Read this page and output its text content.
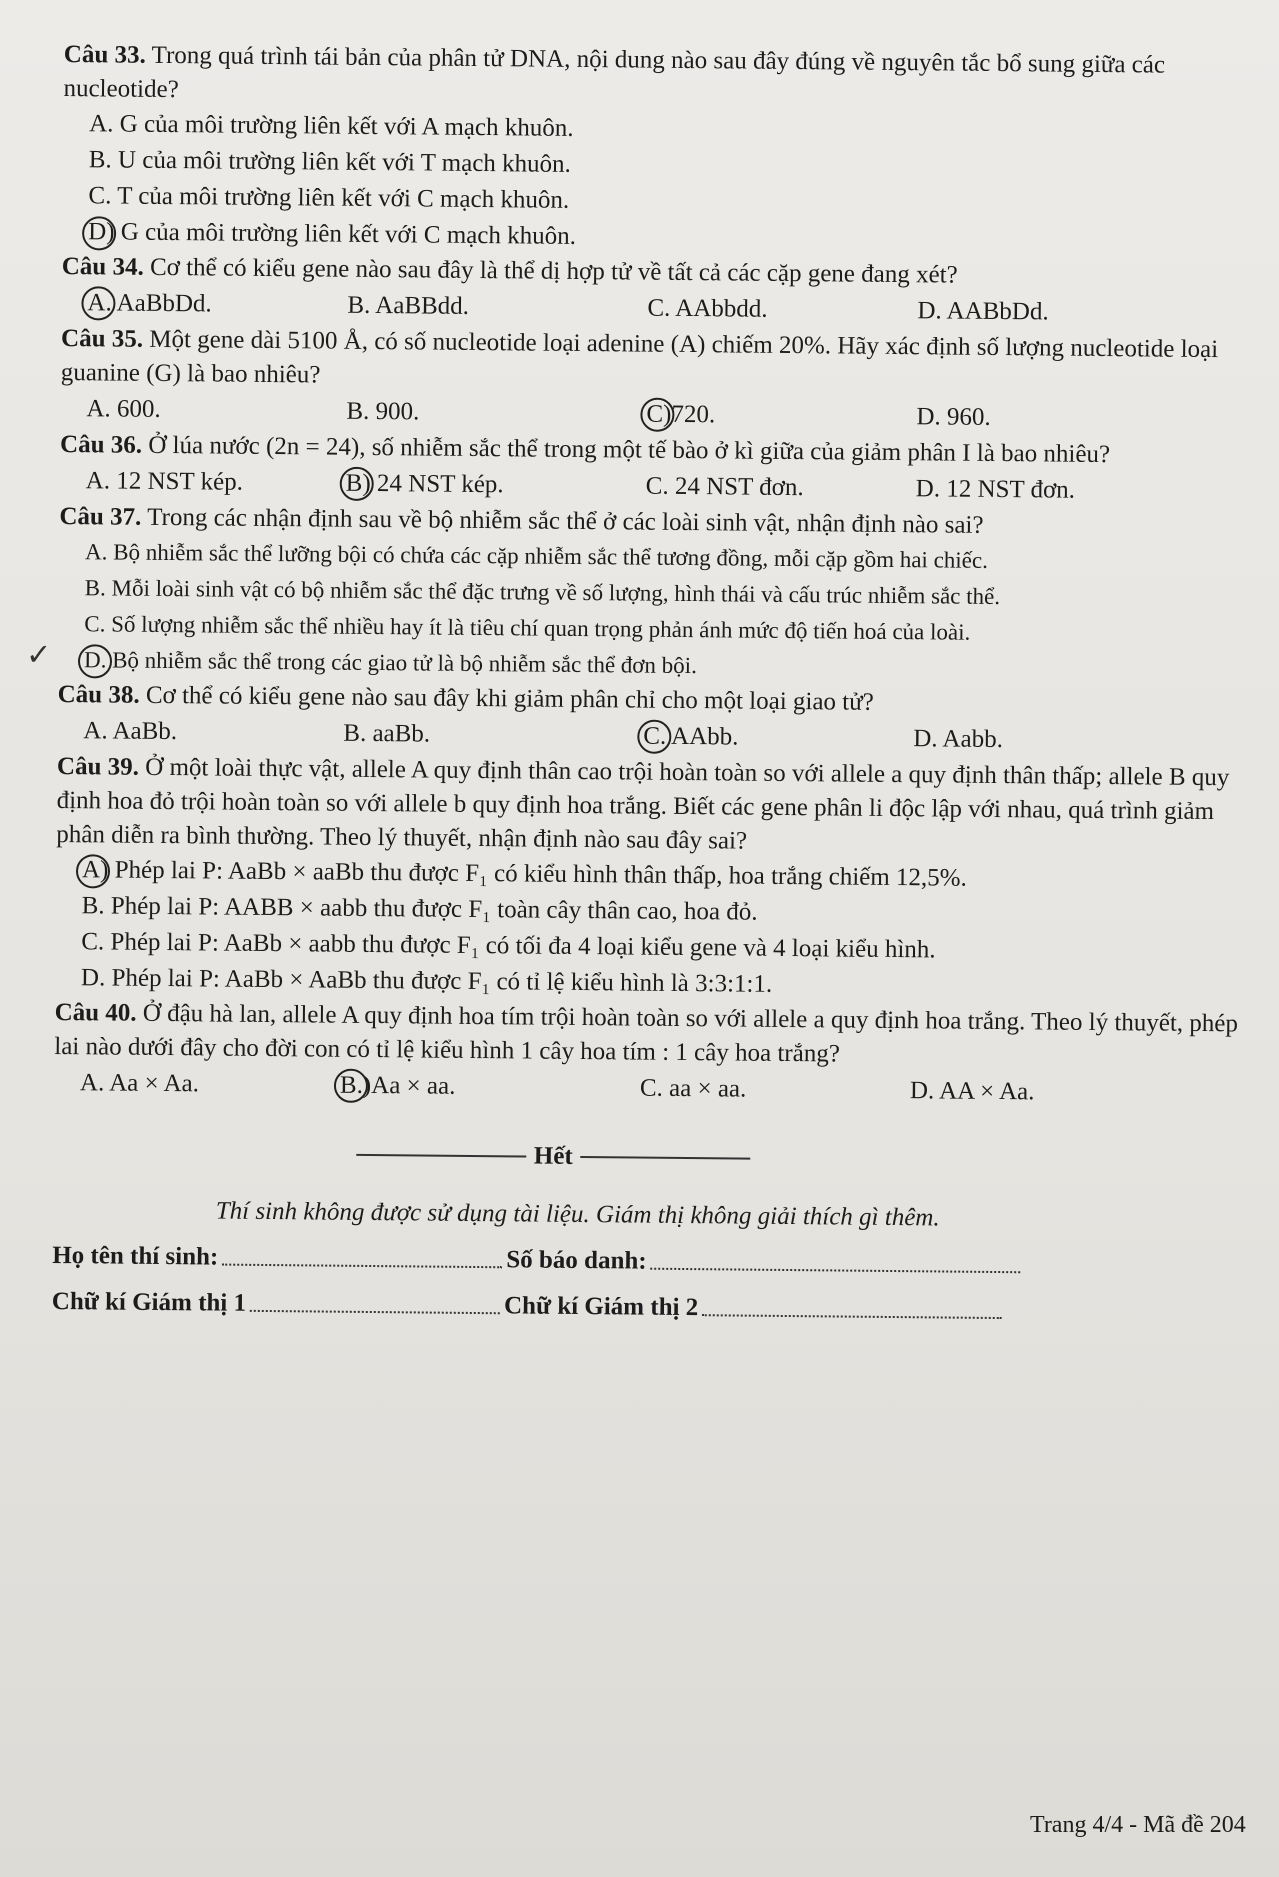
Câu 33. Trong quá trình tái bản của phân tử DNA, nội dung nào sau đây đúng về nguyên tắc bổ sung giữa các nucleotide?

A. G của môi trường liên kết với A mạch khuôn.

B. U của môi trường liên kết với T mạch khuôn.

C. T của môi trường liên kết với C mạch khuôn.

D) G của môi trường liên kết với C mạch khuôn.

Câu 34. Cơ thể có kiểu gene nào sau đây là thể dị hợp tử về tất cả các cặp gene đang xét?

A. AaBbDd.	B. AaBBdd.	C. AAbbdd.	D. AABbDd.

Câu 35. Một gene dài 5100 Å, có số nucleotide loại adenine (A) chiếm 20%. Hãy xác định số lượng nucleotide loại guanine (G) là bao nhiêu?

A. 600.	B. 900.	C)720.	D. 960.

Câu 36. Ở lúa nước (2n = 24), số nhiễm sắc thể trong một tế bào ở kì giữa của giảm phân I là bao nhiêu?

A. 12 NST kép.	B) 24 NST kép.	C. 24 NST đơn.	D. 12 NST đơn.

Câu 37. Trong các nhận định sau về bộ nhiễm sắc thể ở các loài sinh vật, nhận định nào sai?

A. Bộ nhiễm sắc thể lưỡng bội có chứa các cặp nhiễm sắc thể tương đồng, mỗi cặp gồm hai chiếc.

B. Mỗi loài sinh vật có bộ nhiễm sắc thể đặc trưng về số lượng, hình thái và cấu trúc nhiễm sắc thể.

C. Số lượng nhiễm sắc thể nhiều hay ít là tiêu chí quan trọng phản ánh mức độ tiến hoá của loài.

✓ D. Bộ nhiễm sắc thể trong các giao tử là bộ nhiễm sắc thể đơn bội.

Câu 38. Cơ thể có kiểu gene nào sau đây khi giảm phân chỉ cho một loại giao tử?

A. AaBb.	B. aaBb.	C. AAbb.	D. Aabb.

Câu 39. Ở một loài thực vật, allele A quy định thân cao trội hoàn toàn so với allele a quy định thân thấp; allele B quy định hoa đỏ trội hoàn toàn so với allele b quy định hoa trắng. Biết các gene phân li độc lập với nhau, quá trình giảm phân diễn ra bình thường. Theo lý thuyết, nhận định nào sau đây sai?

A) Phép lai P: AaBb × aaBb thu được F₁ có kiểu hình thân thấp, hoa trắng chiếm 12,5%.

B. Phép lai P: AABB × aabb thu được F₁ toàn cây thân cao, hoa đỏ.

C. Phép lai P: AaBb × aabb thu được F₁ có tối đa 4 loại kiểu gene và 4 loại kiểu hình.

D. Phép lai P: AaBb × AaBb thu được F₁ có tỉ lệ kiểu hình là 3:3:1:1.

Câu 40. Ở đậu hà lan, allele A quy định hoa tím trội hoàn toàn so với allele a quy định hoa trắng. Theo lý thuyết, phép lai nào dưới đây cho đời con có tỉ lệ kiểu hình 1 cây hoa tím : 1 cây hoa trắng?

A. Aa × Aa.	B.)Aa × aa.	C. aa × aa.	D. AA × Aa.
Hết
Thí sinh không được sử dụng tài liệu. Giám thị không giải thích gì thêm.
Họ tên thí sinh:	Số báo danh:
Chữ kí Giám thị 1	Chữ kí Giám thị 2
Trang 4/4 - Mã đề 204
